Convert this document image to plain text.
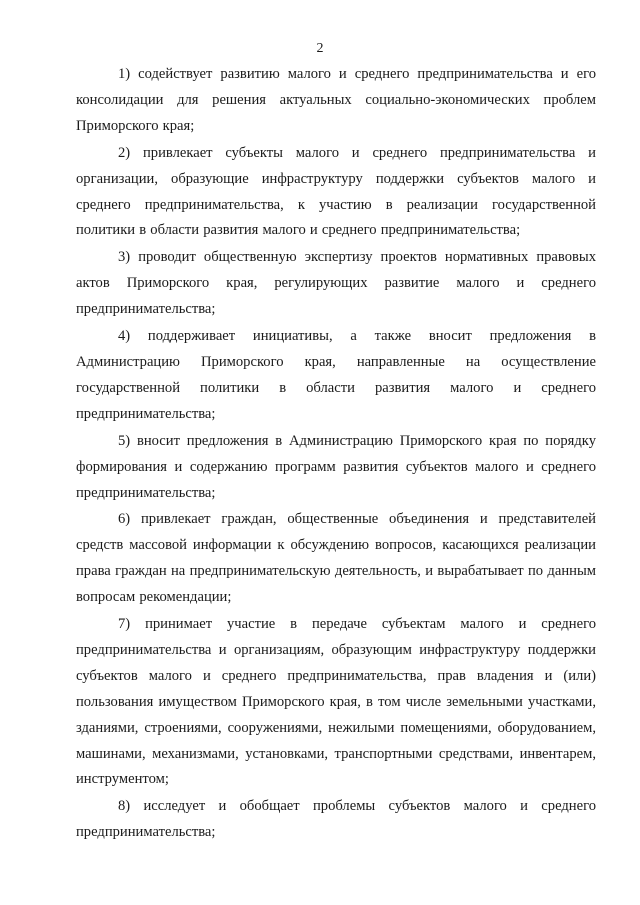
2

1) содействует развитию малого и среднего предпринимательства и его консолидации для решения актуальных социально-экономических проблем Приморского края;

2) привлекает субъекты малого и среднего предпринимательства и организации, образующие инфраструктуру поддержки субъектов малого и среднего предпринимательства, к участию в реализации государственной политики в области развития малого и среднего предпринимательства;

3) проводит общественную экспертизу проектов нормативных правовых актов Приморского края, регулирующих развитие малого и среднего предпринимательства;

4) поддерживает инициативы, а также вносит предложения в Администрацию Приморского края, направленные на осуществление государственной политики в области развития малого и среднего предпринимательства;

5) вносит предложения в Администрацию Приморского края по порядку формирования и содержанию программ развития субъектов малого и среднего предпринимательства;

6) привлекает граждан, общественные объединения и представителей средств массовой информации к обсуждению вопросов, касающихся реализации права граждан на предпринимательскую деятельность, и вырабатывает по данным вопросам рекомендации;

7) принимает участие в передаче субъектам малого и среднего предпринимательства и организациям, образующим инфраструктуру поддержки субъектов малого и среднего предпринимательства, прав владения и (или) пользования имуществом Приморского края, в том числе земельными участками, зданиями, строениями, сооружениями, нежилыми помещениями, оборудованием, машинами, механизмами, установками, транспортными средствами, инвентарем, инструментом;

8) исследует и обобщает проблемы субъектов малого и среднего предпринимательства;
